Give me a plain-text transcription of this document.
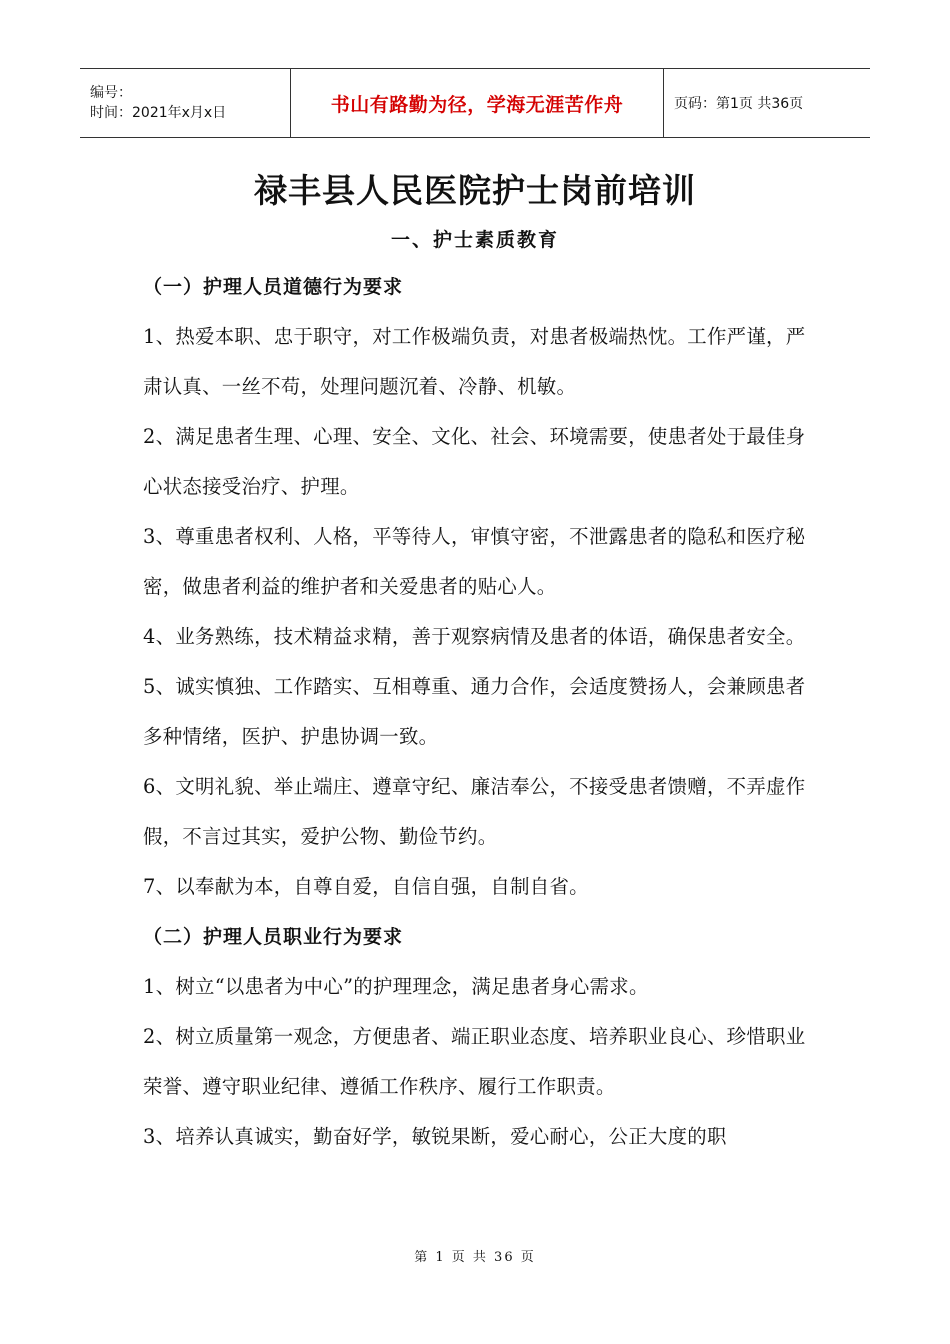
编号：
时间：2021年x月x日	书山有路勤为径，学海无涯苦作舟	页码：第1页 共36页
禄丰县人民医院护士岗前培训
一、护士素质教育
（一）护理人员道德行为要求
1、热爱本职、忠于职守，对工作极端负责，对患者极端热忱。工作严谨，严肃认真、一丝不苟，处理问题沉着、冷静、机敏。
2、满足患者生理、心理、安全、文化、社会、环境需要，使患者处于最佳身心状态接受治疗、护理。
3、尊重患者权利、人格，平等待人，审慎守密，不泄露患者的隐私和医疗秘密，做患者利益的维护者和关爱患者的贴心人。
4、业务熟练，技术精益求精，善于观察病情及患者的体语，确保患者安全。
5、诚实慎独、工作踏实、互相尊重、通力合作，会适度赞扬人，会兼顾患者多种情绪，医护、护患协调一致。
6、文明礼貌、举止端庄、遵章守纪、廉洁奉公，不接受患者馈赠，不弄虚作假，不言过其实，爱护公物、勤俭节约。
7、以奉献为本，自尊自爱，自信自强，自制自省。
（二）护理人员职业行为要求
1、树立“以患者为中心”的护理理念，满足患者身心需求。
2、树立质量第一观念，方便患者、端正职业态度、培养职业良心、珍惜职业荣誉、遵守职业纪律、遵循工作秩序、履行工作职责。
3、培养认真诚实，勤奋好学，敏锐果断，爱心耐心，公正大度的职
第 1 页 共 36 页
